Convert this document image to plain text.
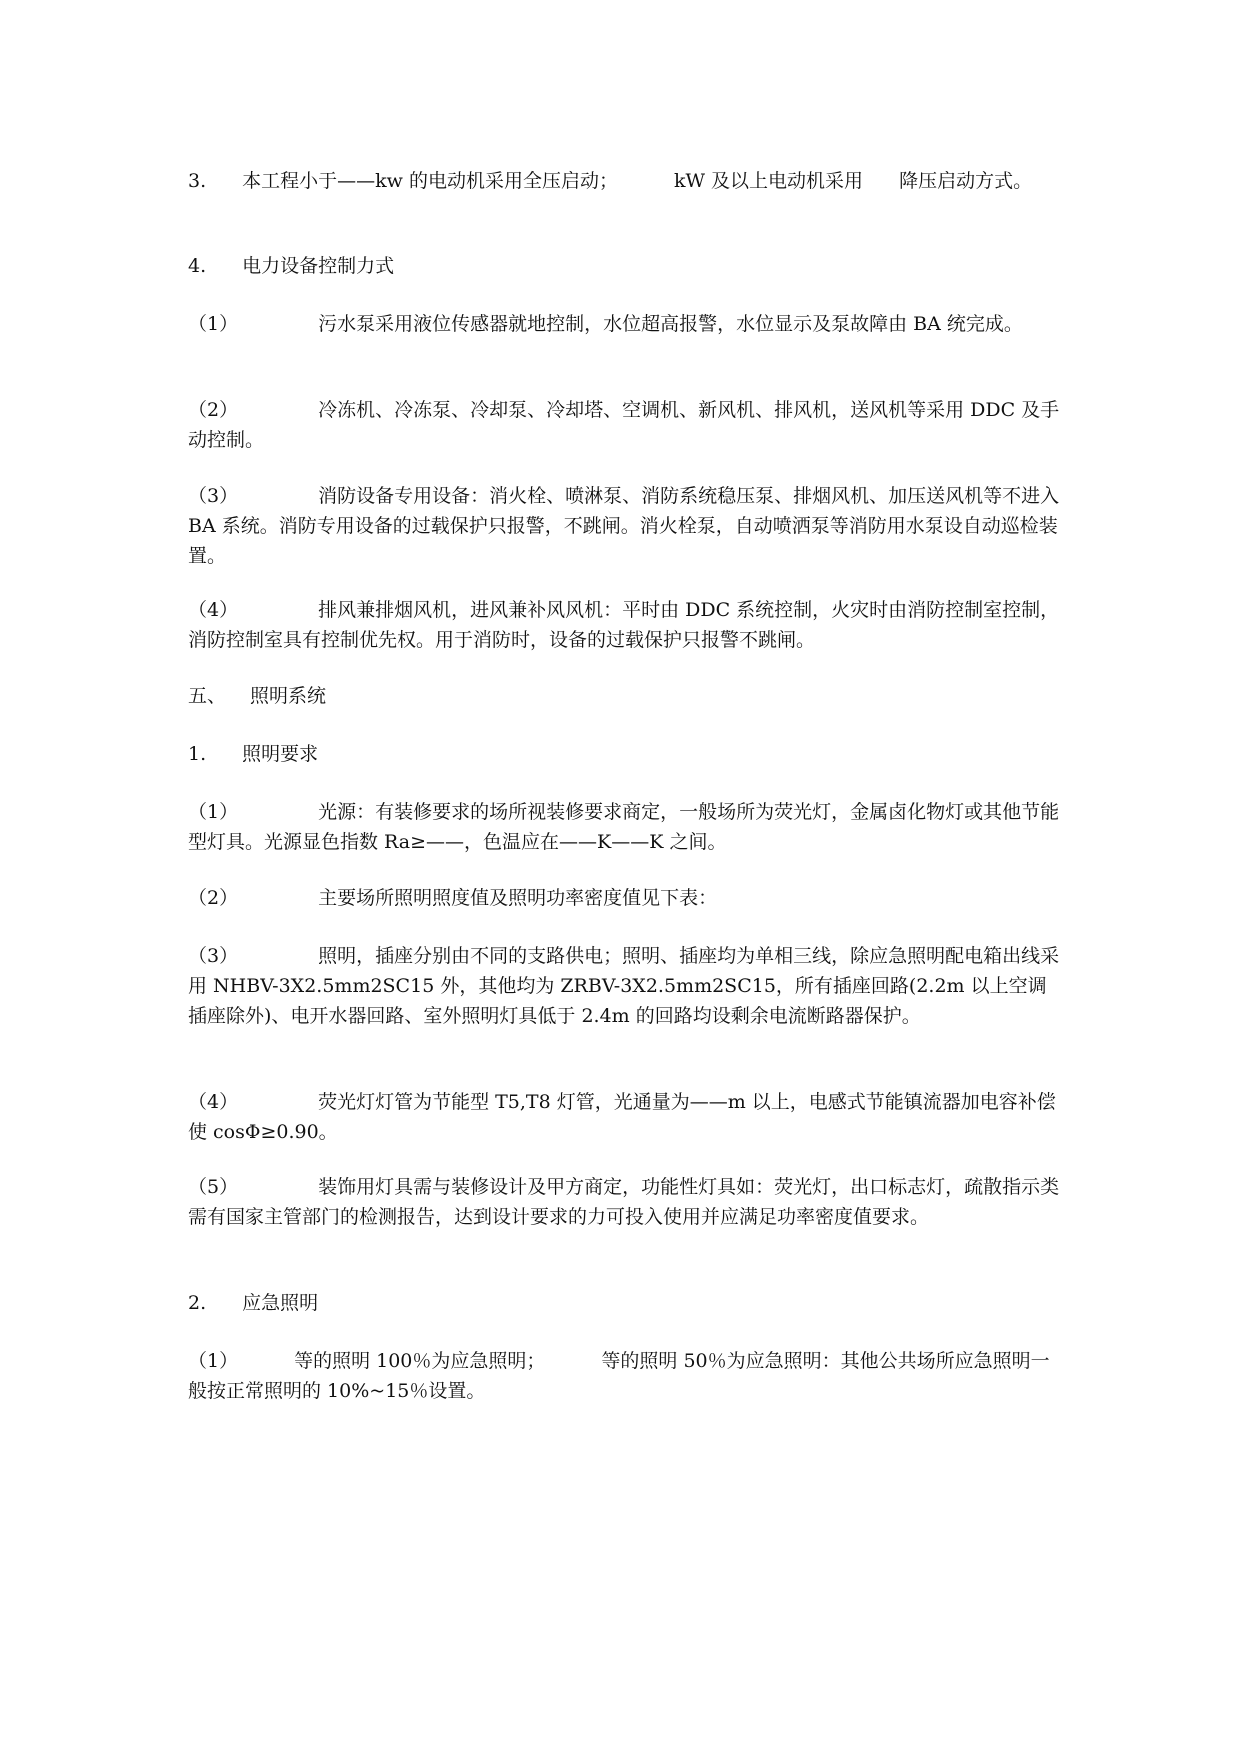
3. 本工程小于——kw 的电动机采用全压启动；	kW 及以上电动机采用 降压启动方式。

4. 电力设备控制力式

（1）	污水泵采用液位传感器就地控制，水位超高报警，水位显示及泵故障由 BA 统完成。

（2）	冷冻机、冷冻泵、冷却泵、冷却塔、空调机、新风机、排风机，送风机等采用 DDC 及手动控制。

（3）	消防设备专用设备：消火栓、喷淋泵、消防系统稳压泵、排烟风机、加压送风机等不进入 BA 系统。消防专用设备的过载保护只报警，不跳闸。消火栓泵，自动喷洒泵等消防用水泵设自动巡检装置。

（4）	排风兼排烟风机，进风兼补风风机：平时由 DDC 系统控制，火灾时由消防控制室控制，消防控制室具有控制优先权。用于消防时，设备的过载保护只报警不跳闸。

五、 照明系统

1. 照明要求

（1）	光源：有装修要求的场所视装修要求商定，一般场所为荧光灯，金属卤化物灯或其他节能型灯具。光源显色指数 Ra≥——，色温应在——K——K 之间。

（2）	主要场所照明照度值及照明功率密度值见下表：

（3）	照明，插座分别由不同的支路供电；照明、插座均为单相三线，除应急照明配电箱出线采用 NHBV-3X2.5mm2SC15 外，其他均为 ZRBV-3X2.5mm2SC15，所有插座回路(2.2m 以上空调插座除外)、电开水器回路、室外照明灯具低于 2.4m 的回路均设剩余电流断路器保护。

（4）	荧光灯灯管为节能型 T5,T8 灯管，光通量为——m 以上，电感式节能镇流器加电容补偿使 cosΦ≥0.90。

（5）	装饰用灯具需与装修设计及甲方商定，功能性灯具如：荧光灯，出口标志灯，疏散指示类需有国家主管部门的检测报告，达到设计要求的力可投入使用并应满足功率密度值要求。

2. 应急照明

（1）	等的照明 100％为应急照明；	等的照明 50％为应急照明：其他公共场所应急照明一般按正常照明的 10%~15％设置。
